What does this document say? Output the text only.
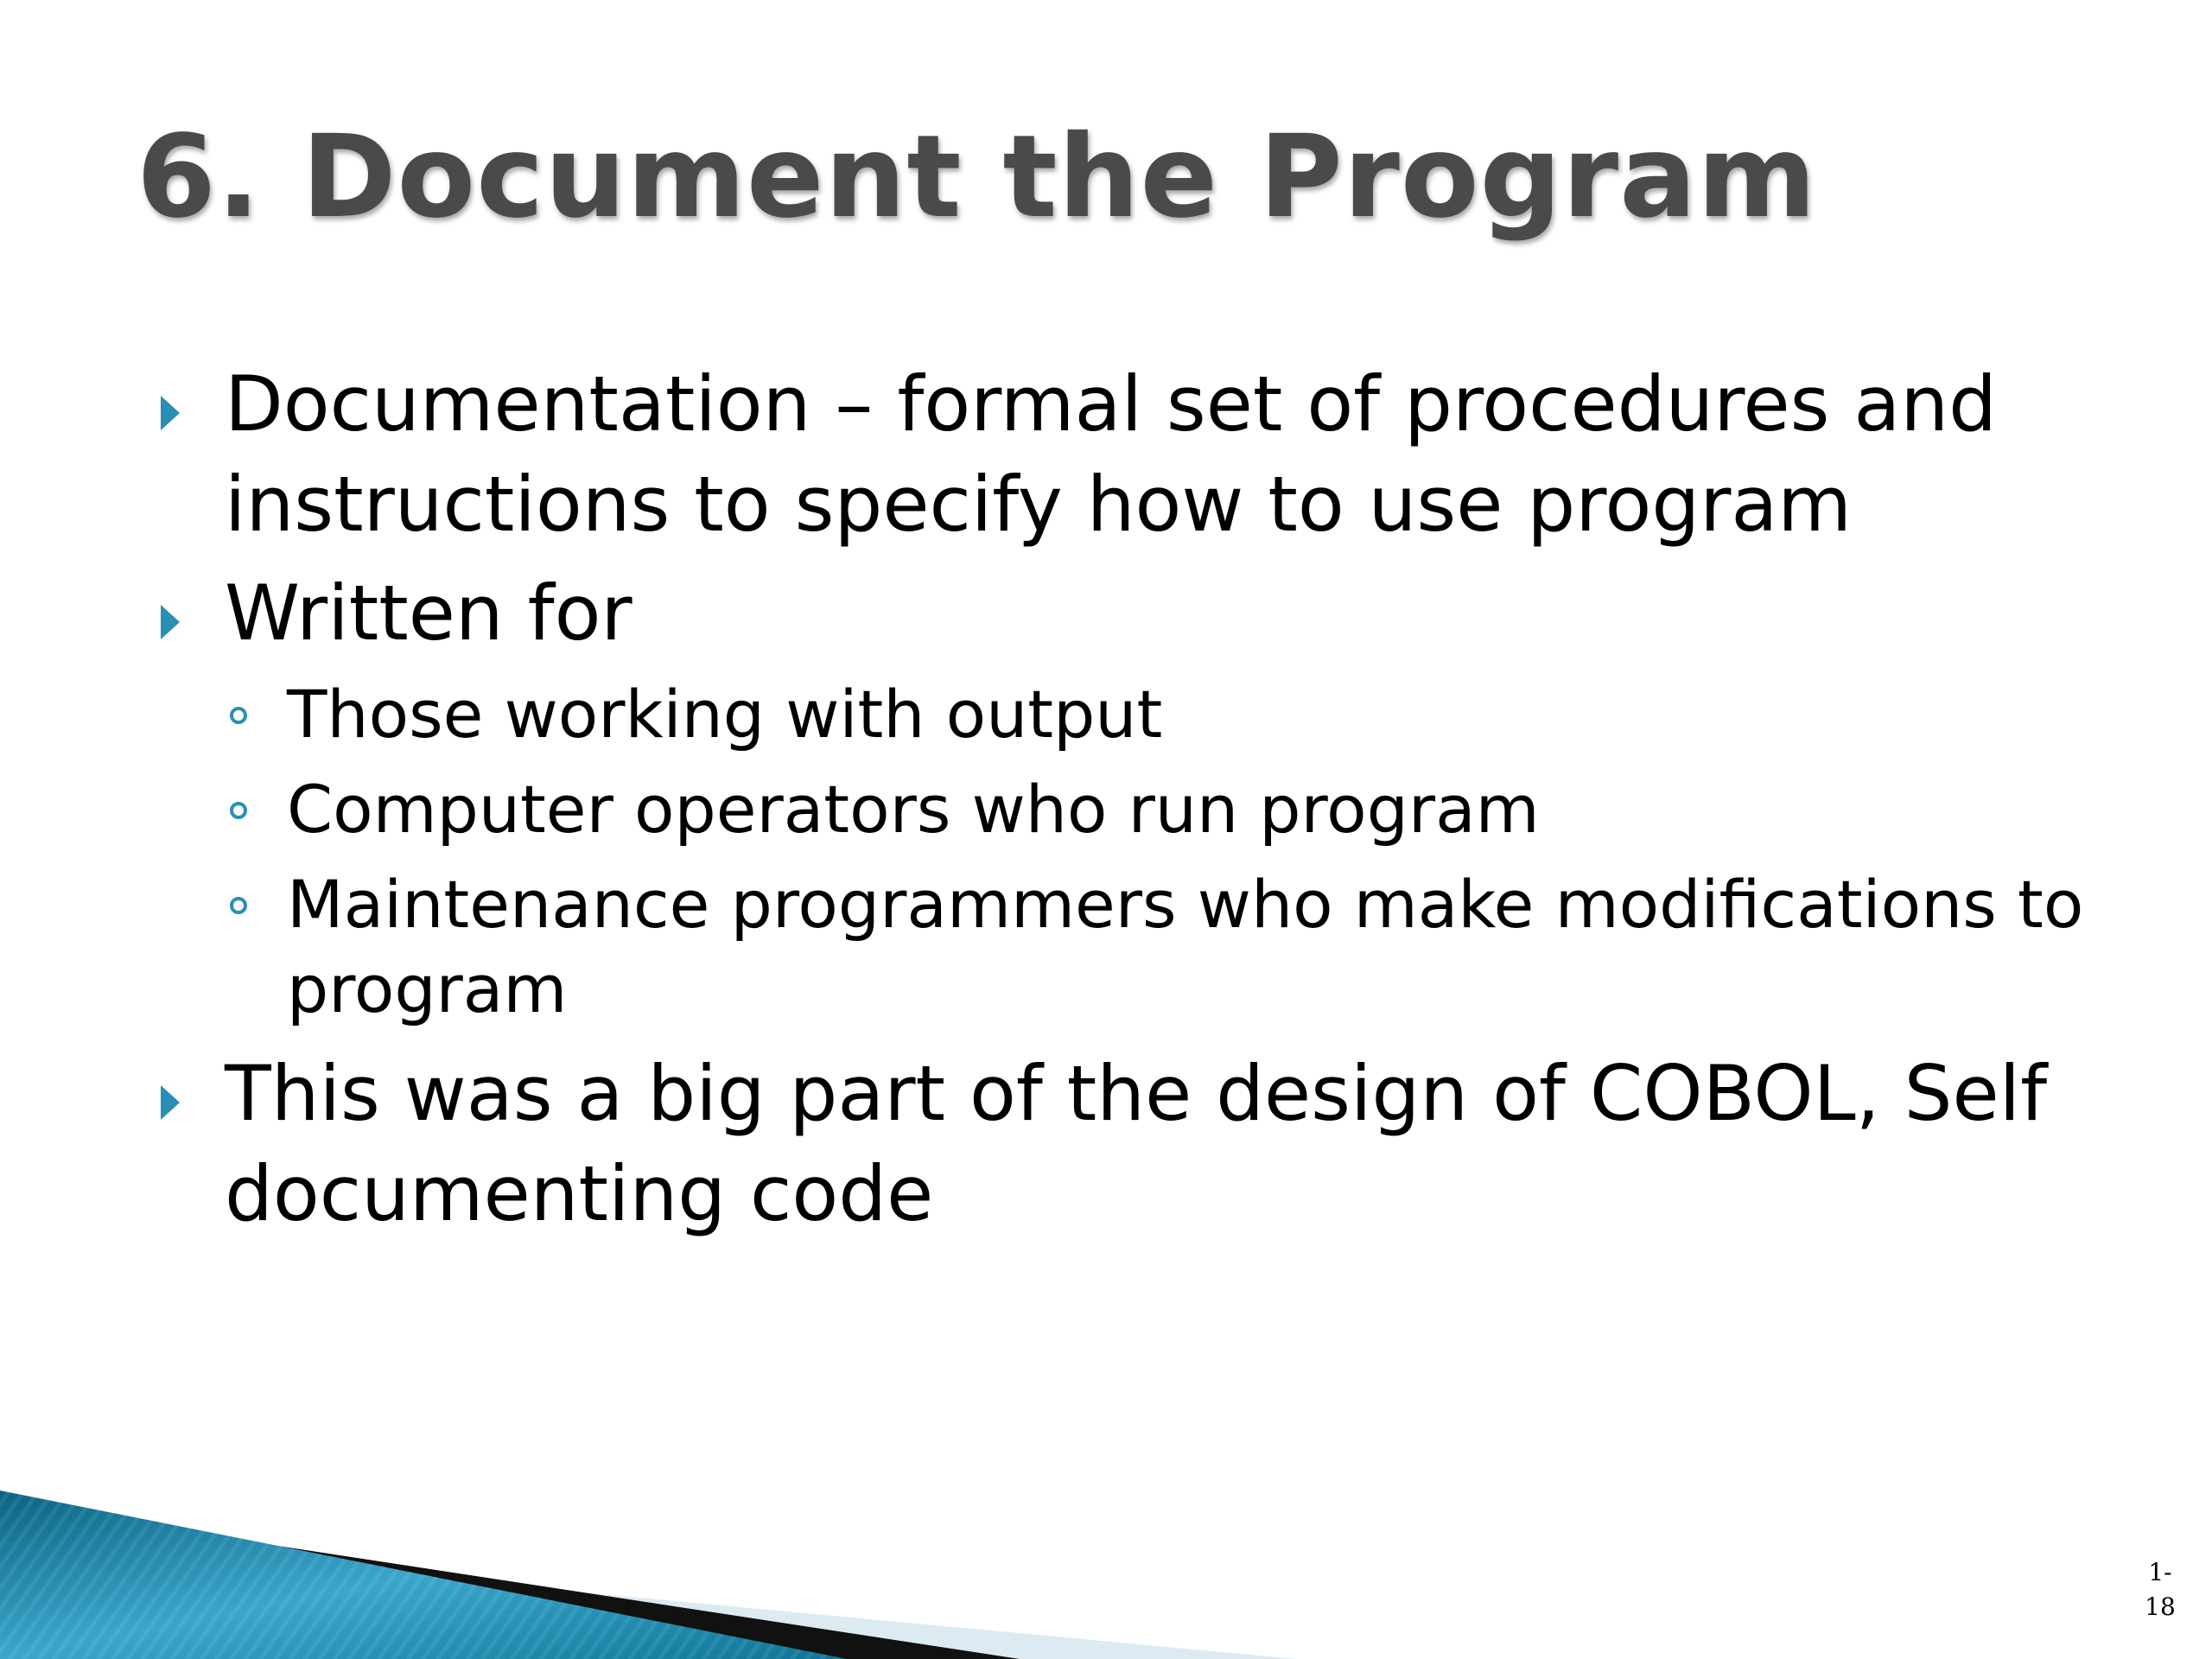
6. Document the Program
Documentation – formal set of procedures and instructions to specify how to use program
Written for
Those working with output
Computer operators who run program
Maintenance programmers who make modifications to program
This was a big part of the design of COBOL, Self documenting code
1-
18
